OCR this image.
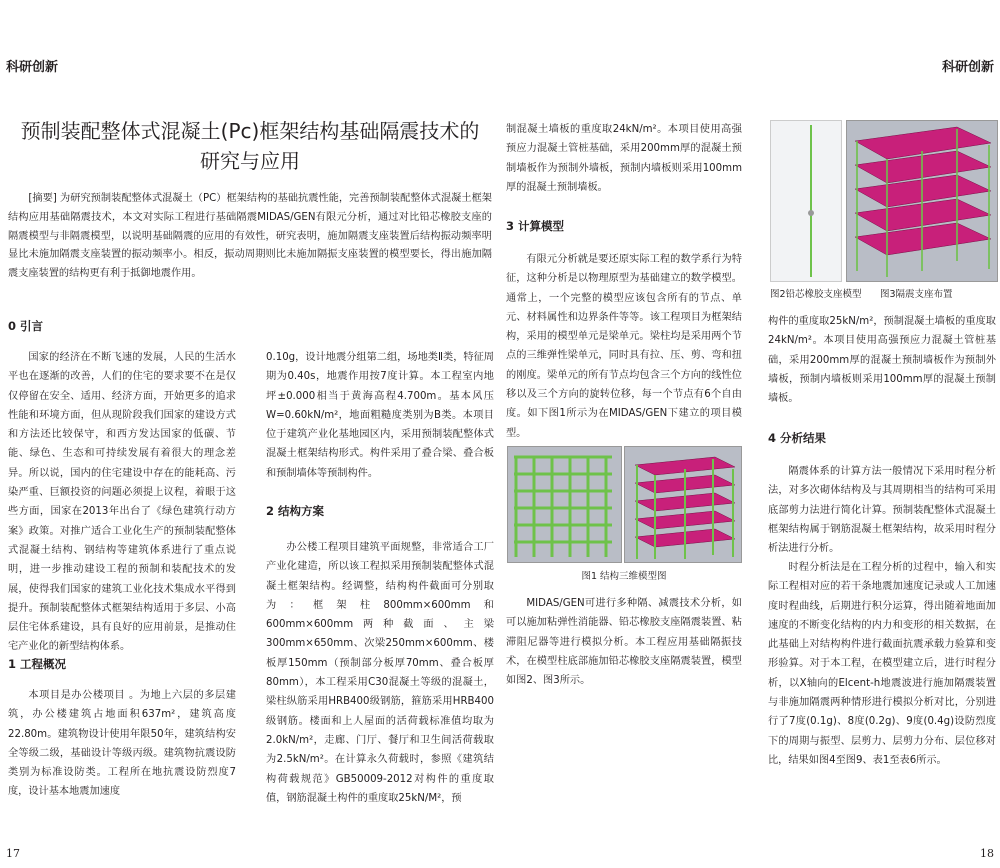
科研创新	科研创新
预制装配整体式混凝土(Pc)框架结构基础隔震技术的
研究与应用
[摘要] 为研究预制装配整体式混凝土（PC）框架结构的基础抗震性能，完善预制装配整体式混凝土框架结构应用基础隔震技术，本文对实际工程进行基础隔震MIDAS/GEN有限元分析，通过对比铅芯橡胶支座的隔震模型与非隔震模型，以说明基础隔震的应用的有效性，研究表明，施加隔震支座装置后结构振动频率明显比未施加隔震支座装置的振动频率小。相反，振动周期则比未施加隔振支座装置的模型要长，得出施加隔震支座装置的结构更有利于抵御地震作用。
0 引言
国家的经济在不断飞速的发展，人民的生活水平也在逐渐的改善，人们的住宅的要求要不在是仅仅停留在安全、适用、经济方面，开始更多的追求性能和环境方面，但从现阶段我们国家的建设方式和方法还比较保守，和西方发达国家的低碳、节能、绿色、生态和可持续发展有着很大的理念差异。所以说，国内的住宅建设中存在的能耗高、污染严重、巨额投资的问题必须提上议程，着眼于这些方面，国家在2013年出台了《绿色建筑行动方案》政策。对推广适合工业化生产的预制装配整体式混凝土结构、钢结构等建筑体系进行了重点说明，进一步推动建设工程的预制和装配技术的发展，使得我们国家的建筑工业化技术集成水平得到提升。预制装配整体式框架结构适用于多层、小高层住宅体系建设，具有良好的应用前景，是推动住宅产业化的新型结构体系。
1 工程概况
本项目是办公楼项目 。为地上六层的多层建筑，办公楼建筑占地面积637m²，建筑高度22.80m。建筑物设计使用年限50年，建筑结构安全等级二级，基础设计等级丙级。建筑物抗震设防类别为标准设防类。工程所在地抗震设防烈度7度，设计基本地震加速度
0.10g，设计地震分组第二组，场地类Ⅱ类，特征周期为0.40s，地震作用按7度计算。本工程室内地坪±0.000相当于黄海高程4.700m。基本风压W=0.60kN/m²，地面粗糙度类别为B类。本项目位于建筑产业化基地园区内，采用预制装配整体式混凝土框架结构形式。构件采用了叠合梁、叠合板和预制墙体等预制构件。
2 结构方案
办公楼工程项目建筑平面规整，非常适合工厂产业化建造，所以该工程拟采用预制装配整体式混凝土框架结构。经调整，结构构件截面可分别取为：框架柱800mm×600mm和600mm×600mm两种截面、主梁300mm×650mm、次梁250mm×600mm、楼板厚150mm（预制部分板厚70mm、叠合板厚80mm），本工程采用C30混凝土等级的混凝土，梁柱纵筋采用HRB400级钢筋，箍筋采用HRB400级钢筋。楼面和上人屋面的活荷载标准值均取为2.0kN/m²，走廊、门厅、餐厅和卫生间活荷载取为2.5kN/m²。在计算永久荷载时，参照《建筑结构荷载规范》GB50009-2012对构件的重度取值，钢筋混凝土构件的重度取25kN/M²，预
制混凝土墙板的重度取24kN/m²。本项目使用高强预应力混凝土管桩基础，采用200mm厚的混凝土预制墙板作为预制外墙板，预制内墙板则采用100mm厚的混凝土预制墙板。
3 计算模型
有限元分析就是要还原实际工程的数学系行为特征，这种分析是以物理原型为基础建立的数学模型。通常上，一个完整的模型应该包含所有的节点、单元、材料属性和边界条件等等。该工程项目为框架结构，采用的模型单元是梁单元。梁柱均是采用两个节点的三维弹性梁单元，同时具有拉、压、剪、弯和扭的刚度。梁单元的所有节点均包含三个方向的线性位移以及三个方向的旋转位移，每一个节点有6个自由度。如下图1所示为在MIDAS/GEN下建立的项目模型。
图1 结构三维模型图
MIDAS/GEN可进行多种隔、减震技术分析，如可以施加粘弹性消能器、铅芯橡胶支座隔震装置、粘滞阻尼器等进行模拟分析。本工程应用基础隔振技术，在模型柱底部施加铅芯橡胶支座隔震装置，模型如图2、图3所示。
图2铅芯橡胶支座模型 图3隔震支座布置
构件的重度取25kN/m²，预制混凝土墙板的重度取24kN/m²。本项目使用高强预应力混凝土管桩基础，采用200mm厚的混凝土预制墙板作为预制外墙板，预制内墙板则采用100mm厚的混凝土预制墙板。
4 分析结果
隔震体系的计算方法一般情况下采用时程分析法，对多次砌体结构及与其周期相当的结构可采用底部剪力法进行简化计算。预制装配整体式混凝土框架结构属于钢筋混凝土框架结构，故采用时程分析法进行分析。
时程分析法是在工程分析的过程中，输入和实际工程相对应的若干条地震加速度记录或人工加速度时程曲线，后期进行积分运算，得出随着地面加速度的不断变化结构的内力和变形的相关数据，在此基础上对结构构件进行截面抗震承载力验算和变形验算。对于本工程，在模型建立后，进行时程分析，以X轴向的Elcent-h地震波进行施加隔震装置与非施加隔震两种情形进行模拟分析对比，分别进行了7度(0.1g)、8度(0.2g)、9度(0.4g)设防烈度下的周期与振型、层剪力、层剪力分布、层位移对比，结果如图4至图9、表1至表6所示。
17	18
